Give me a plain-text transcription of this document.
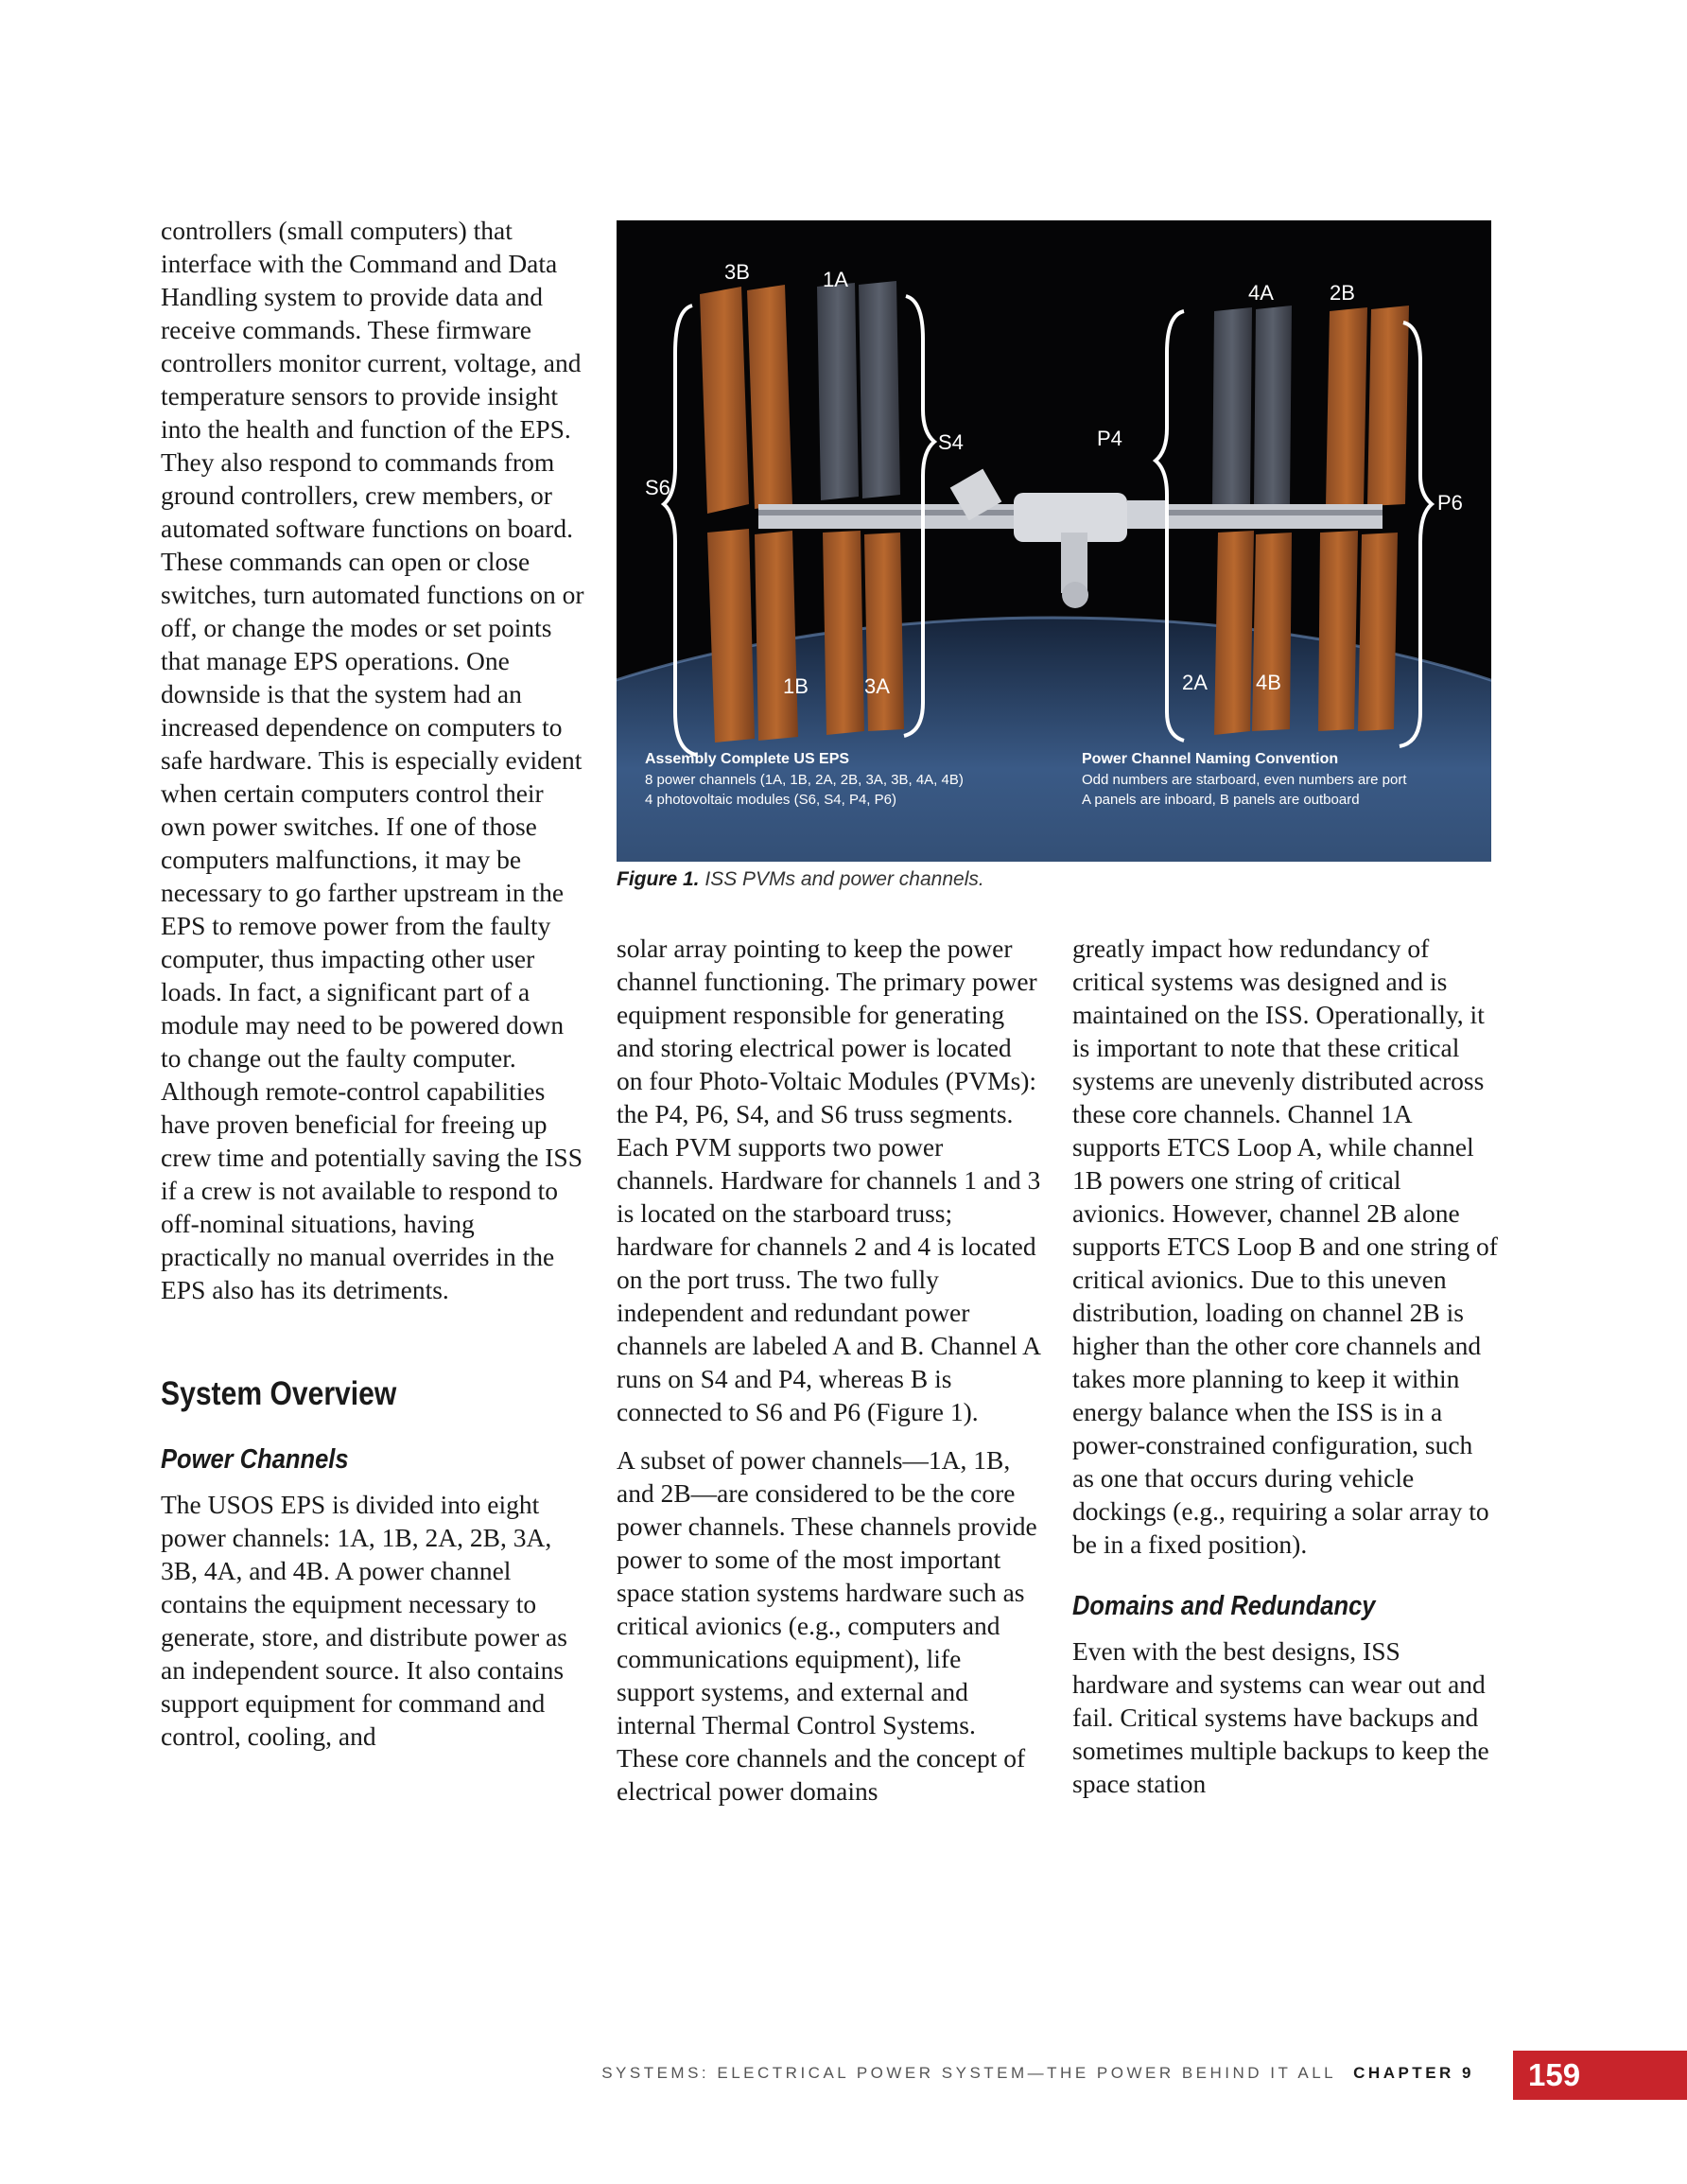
controllers (small computers) that interface with the Command and Data Handling system to provide data and receive commands. These firmware controllers monitor current, voltage, and temperature sensors to provide insight into the health and function of the EPS. They also respond to commands from ground controllers, crew members, or automated software functions on board. These commands can open or close switches, turn automated functions on or off, or change the modes or set points that manage EPS operations. One downside is that the system had an increased dependence on computers to safe hardware. This is especially evident when certain computers control their own power switches. If one of those computers malfunctions, it may be necessary to go farther upstream in the EPS to remove power from the faulty computer, thus impacting other user loads. In fact, a significant part of a module may need to be powered down to change out the faulty computer. Although remote-control capabilities have proven beneficial for freeing up crew time and potentially saving the ISS if a crew is not available to respond to off-nominal situations, having practically no manual overrides in the EPS also has its detriments.

System Overview
Power Channels

The USOS EPS is divided into eight power channels: 1A, 1B, 2A, 2B, 3A, 3B, 4A, and 4B. A power channel contains the equipment necessary to generate, store, and distribute power as an independent source. It also contains support equipment for command and control, cooling, and

3B	1A
4A	2B
S4	P4
S6
P6
1B	3A	2A 4B
Assembly Complete US EPS
8 power channels (1A, 1B, 2A, 2B, 3A, 3B, 4A, 4B)
4 photovoltaic modules (S6, S4, P4, P6)
Power Channel Naming Convention
Odd numbers are starboard, even numbers are port
A panels are inboard, B panels are outboard
Figure 1. ISS PVMs and power channels.

solar array pointing to keep the power channel functioning. The primary power equipment responsible for generating and storing electrical power is located on four Photo-Voltaic Modules (PVMs): the P4, P6, S4, and S6 truss segments. Each PVM supports two power channels. Hardware for channels 1 and 3 is located on the starboard truss; hardware for channels 2 and 4 is located on the port truss. The two fully independent and redundant power channels are labeled A and B. Channel A runs on S4 and P4, whereas B is connected to S6 and P6 (Figure 1).

A subset of power channels—1A, 1B, and 2B—are considered to be the core power channels. These channels provide power to some of the most important space station systems hardware such as critical avionics (e.g., computers and communications equipment), life support systems, and external and internal Thermal Control Systems. These core channels and the concept of electrical power domains

greatly impact how redundancy of critical systems was designed and is maintained on the ISS. Operationally, it is important to note that these critical systems are unevenly distributed across these core channels. Channel 1A supports ETCS Loop A, while channel 1B powers one string of critical avionics. However, channel 2B alone supports ETCS Loop B and one string of critical avionics. Due to this uneven distribution, loading on channel 2B is higher than the other core channels and takes more planning to keep it within energy balance when the ISS is in a power-constrained configuration, such as one that occurs during vehicle dockings (e.g., requiring a solar array to be in a fixed position).

Domains and Redundancy

Even with the best designs, ISS hardware and systems can wear out and fail. Critical systems have backups and sometimes multiple backups to keep the space station

SYSTEMS: ELECTRICAL POWER SYSTEM—THE POWER BEHIND IT ALL CHAPTER 9	159
